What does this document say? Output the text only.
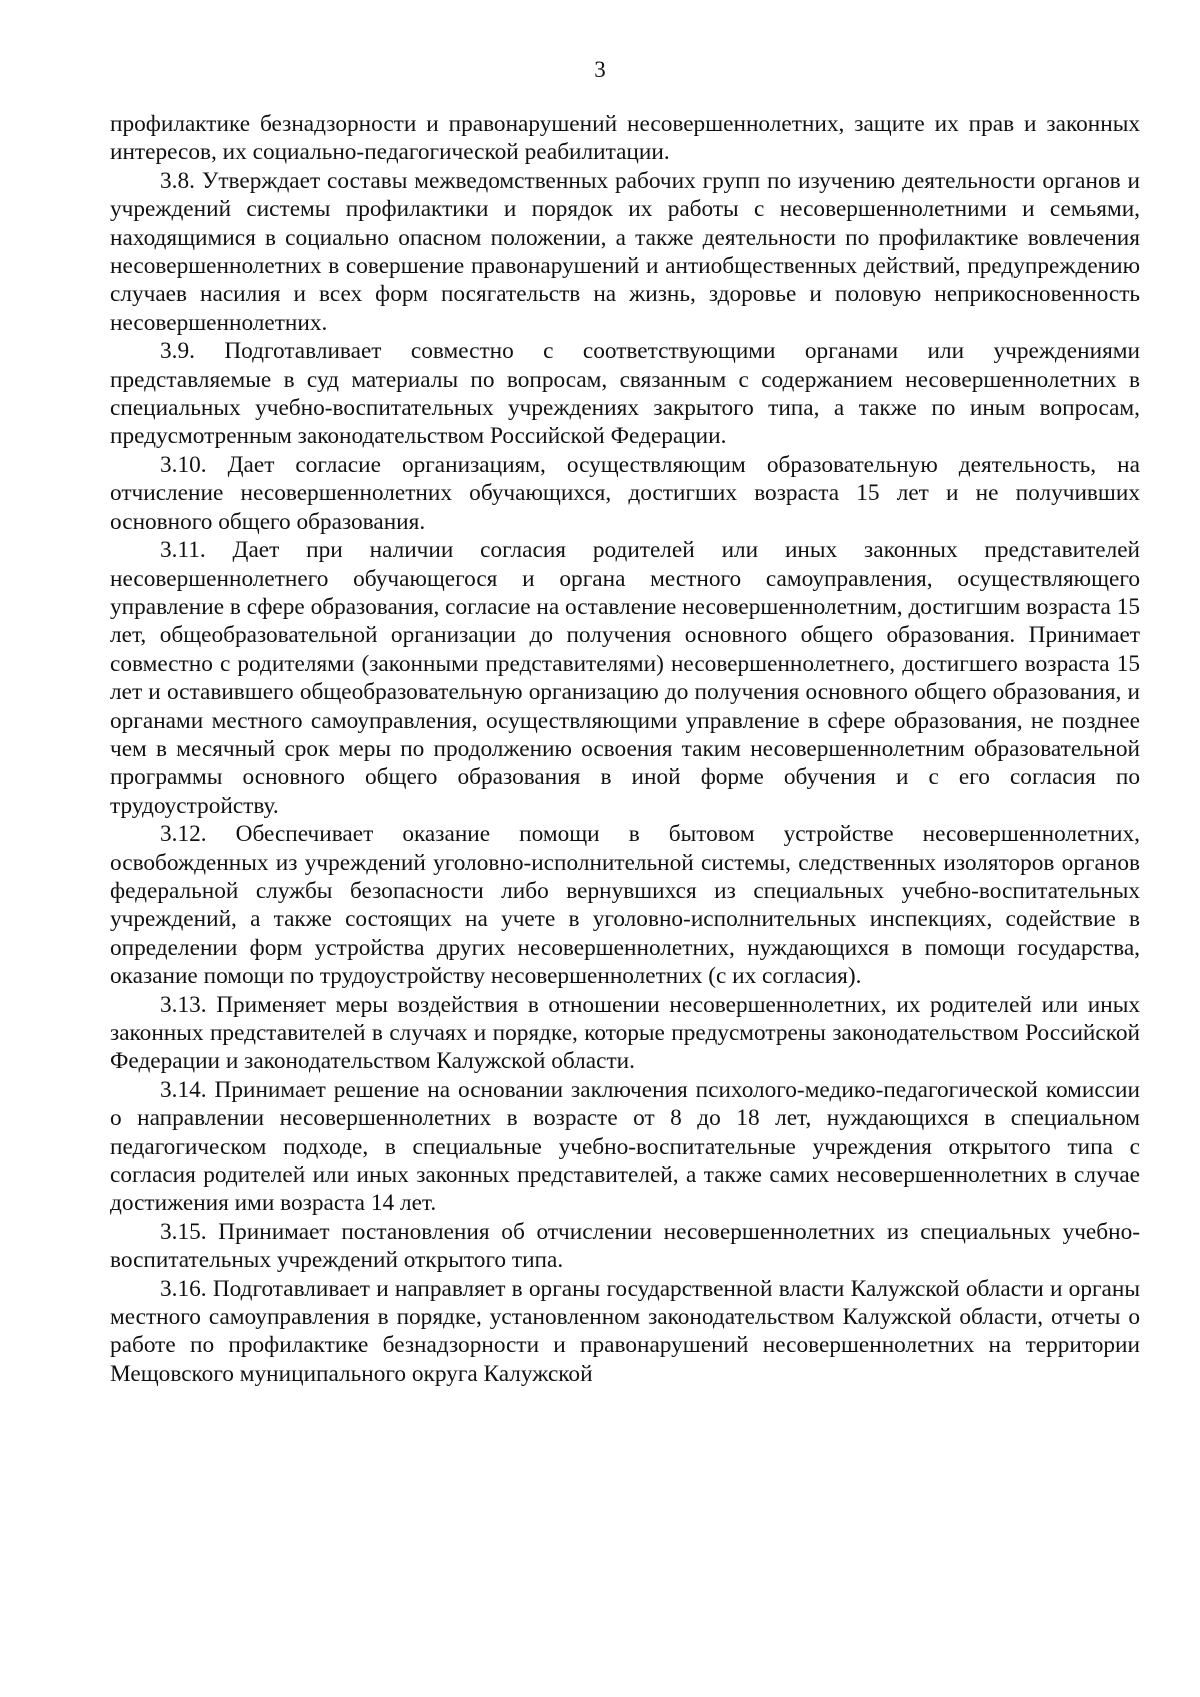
3

профилактике безнадзорности и правонарушений несовершеннолетних, защите их прав и законных интересов, их социально-педагогической реабилитации.

3.8. Утверждает составы межведомственных рабочих групп по изучению деятельности органов и учреждений системы профилактики и порядок их работы с несовершеннолетними и семьями, находящимися в социально опасном положении, а также деятельности по профилактике вовлечения несовершеннолетних в совершение правонарушений и антиобщественных действий, предупреждению случаев насилия и всех форм посягательств на жизнь, здоровье и половую неприкосновенность несовершеннолетних.

3.9. Подготавливает совместно с соответствующими органами или учреждениями представляемые в суд материалы по вопросам, связанным с содержанием несовершеннолетних в специальных учебно-воспитательных учреждениях закрытого типа, а также по иным вопросам, предусмотренным законодательством Российской Федерации.

3.10. Дает согласие организациям, осуществляющим образовательную деятельность, на отчисление несовершеннолетних обучающихся, достигших возраста 15 лет и не получивших основного общего образования.

3.11. Дает при наличии согласия родителей или иных законных представителей несовершеннолетнего обучающегося и органа местного самоуправления, осуществляющего управление в сфере образования, согласие на оставление несовершеннолетним, достигшим возраста 15 лет, общеобразовательной организации до получения основного общего образования. Принимает совместно с родителями (законными представителями) несовершеннолетнего, достигшего возраста 15 лет и оставившего общеобразовательную организацию до получения основного общего образования, и органами местного самоуправления, осуществляющими управление в сфере образования, не позднее чем в месячный срок меры по продолжению освоения таким несовершеннолетним образовательной программы основного общего образования в иной форме обучения и с его согласия по трудоустройству.

3.12. Обеспечивает оказание помощи в бытовом устройстве несовершеннолетних, освобожденных из учреждений уголовно-исполнительной системы, следственных изоляторов органов федеральной службы безопасности либо вернувшихся из специальных учебно-воспитательных учреждений, а также состоящих на учете в уголовно-исполнительных инспекциях, содействие в определении форм устройства других несовершеннолетних, нуждающихся в помощи государства, оказание помощи по трудоустройству несовершеннолетних (с их согласия).

3.13. Применяет меры воздействия в отношении несовершеннолетних, их родителей или иных законных представителей в случаях и порядке, которые предусмотрены законодательством Российской Федерации и законодательством Калужской области.

3.14. Принимает решение на основании заключения психолого-медико-педагогической комиссии о направлении несовершеннолетних в возрасте от 8 до 18 лет, нуждающихся в специальном педагогическом подходе, в специальные учебно-воспитательные учреждения открытого типа с согласия родителей или иных законных представителей, а также самих несовершеннолетних в случае достижения ими возраста 14 лет.

3.15. Принимает постановления об отчислении несовершеннолетних из специальных учебно-воспитательных учреждений открытого типа.

3.16. Подготавливает и направляет в органы государственной власти Калужской области и органы местного самоуправления в порядке, установленном законодательством Калужской области, отчеты о работе по профилактике безнадзорности и правонарушений несовершеннолетних на территории Мещовского муниципального округа Калужской
